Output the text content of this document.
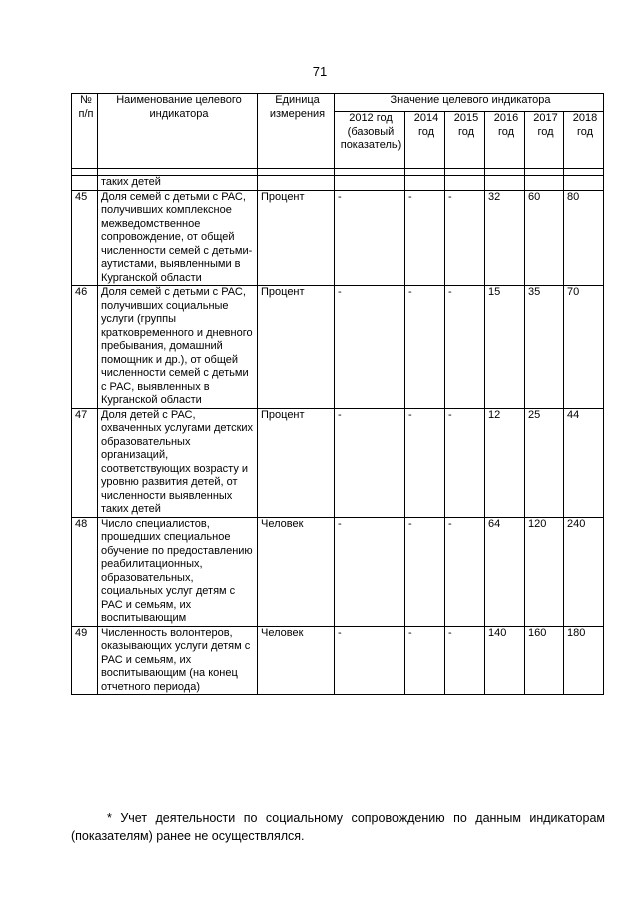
71
№ п/п	Наименование целевого индикатора	Единица измерения	Значение целевого индикатора					
			2012 год (базовый показатель)	2014 год	2015 год	2016 год	2017 год	2018 год

	таких детей							
45	Доля семей с детьми с РАС, получивших комплексное межведомственное сопровождение, от общей численности семей с детьми-аутистами, выявленными в Курганской области	Процент	-	-	-	32	60	80
46	Доля семей с детьми с РАС, получивших социальные услуги (группы кратковременного и дневного пребывания, домашний помощник и др.), от общей численности семей с детьми с РАС, выявленных в Курганской области	Процент	-	-	-	15	35	70
47	Доля детей с РАС, охваченных услугами детских образовательных организаций, соответствующих возрасту и уровню развития детей, от численности выявленных таких детей	Процент	-	-	-	12	25	44
48	Число специалистов, прошедших специальное обучение по предоставлению реабилитационных, образовательных, социальных услуг детям с РАС и семьям, их воспитывающим	Человек	-	-	-	64	120	240
49	Численность волонтеров, оказывающих услуги детям с РАС и семьям, их воспитывающим (на конец отчетного периода)	Человек	-	-	-	140	160	180
* Учет деятельности по социальному сопровождению по данным индикаторам (показателям) ранее не осуществлялся.
